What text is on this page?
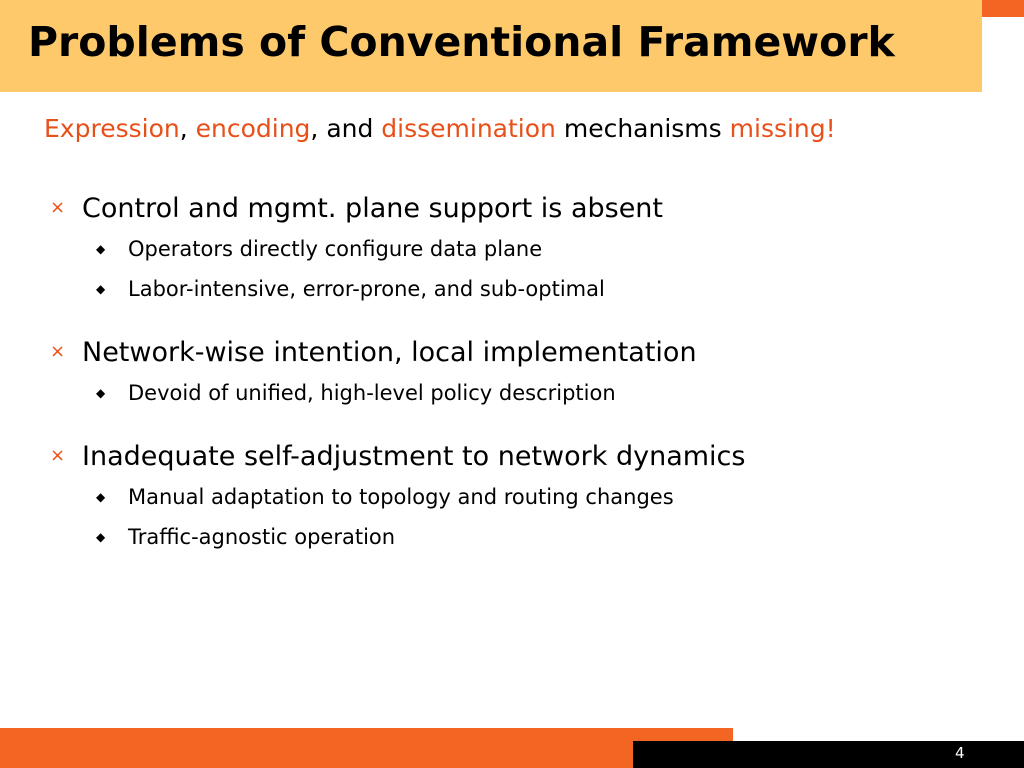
Problems of Conventional Framework
Expression, encoding, and dissemination mechanisms missing!
× Control and mgmt. plane support is absent
◆	Operators directly configure data plane
◆	Labor-intensive, error-prone, and sub-optimal
× Network-wise intention, local implementation
◆	Devoid of unified, high-level policy description
× Inadequate self-adjustment to network dynamics
◆	Manual adaptation to topology and routing changes
◆	Traffic-agnostic operation
4
